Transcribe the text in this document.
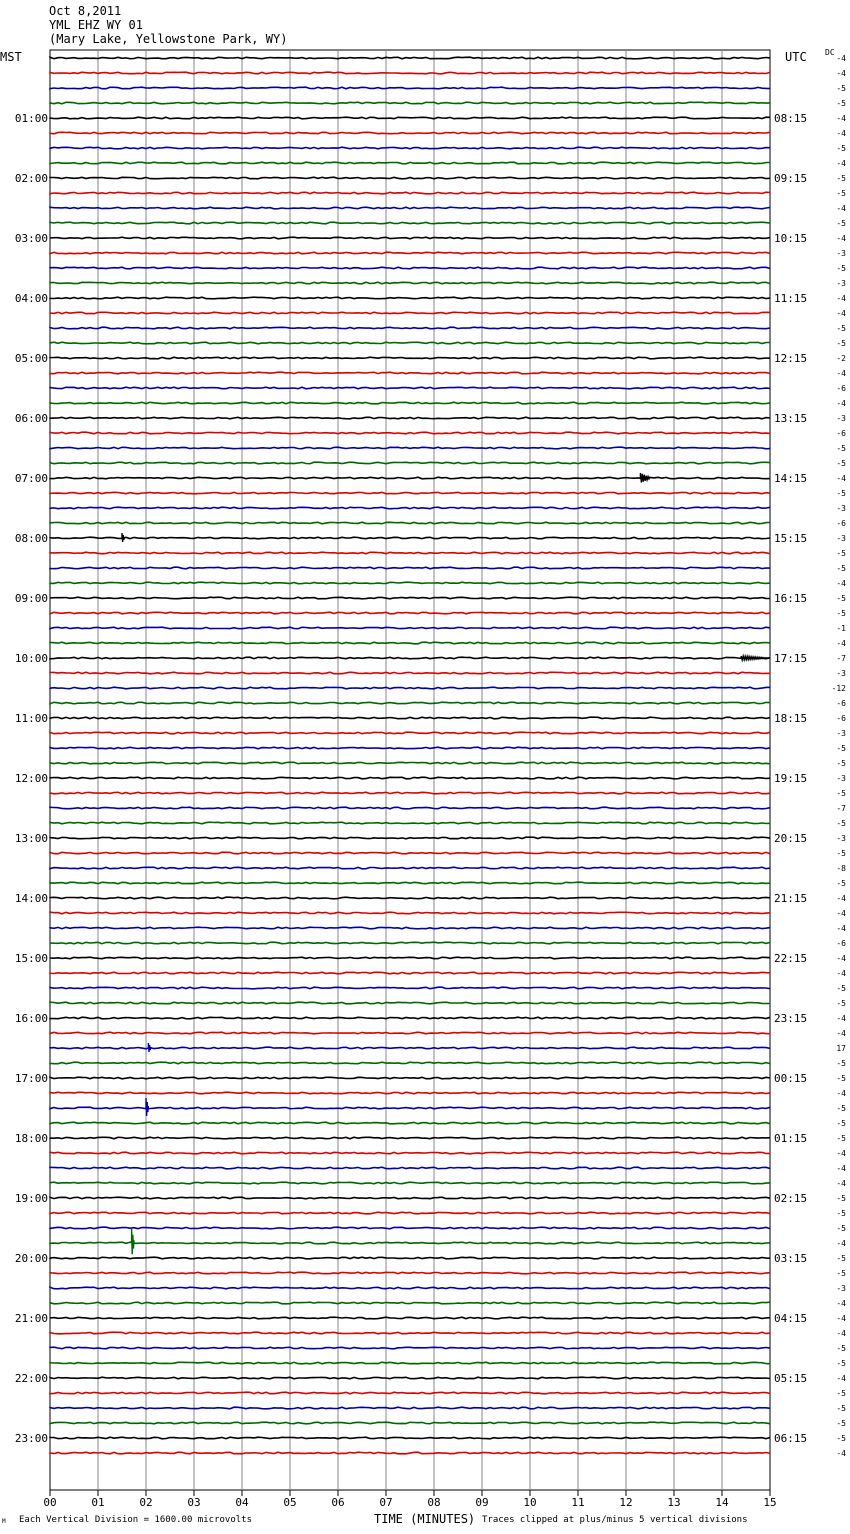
Oct 8,2011
YML EHZ WY 01
(Mary Lake, Yellowstone Park, WY)
MST	UTC DC
-4
-4
-5
-5
-4
-4
-5
-4
-5
-5
-4
-5
-4
-3
-5
-3
-4
-4
-5
-5
-2
-4
-6
-4
-3
-6
-5
-5
-4
-5
-3
-6
-3
-5
-5
-4
-5
-5
-1
-4
-7
-3
-12
-6
-6
-3
-5
-5
-3
-5
-7
-5
-3
-5
-8
-5
-4
-4
-4
-6
-4
-4
-5
-5
-4
-4
17
-5
-5
-4
-5
-5
-5
-4
-4
-4
-5
-5
-5
-4
-5
-5
-3
-4
-4
-4
-5
-5
-4
-5
-5
-5
-5
-4
01:00
02:00
03:00
04:00
05:00
06:00
07:00
08:00
09:00
10:00
11:00
12:00
13:00
14:00
15:00
16:00
17:00
18:00
19:00
20:00
21:00
22:00
23:00
08:15
09:15
10:15
11:15
12:15
13:15
14:15
15:15
16:15
17:15
18:15
19:15
20:15
21:15
22:15
23:15
00:15
01:15
02:15
03:15
04:15
05:15
06:15
00	01	02	03	04	05	06	07	08	09	10	11	12	13	14	15
Each Vertical Division = 1600.00 microvolts	TIME (MINUTES) Traces clipped at plus/minus 5 vertical divisions
M
